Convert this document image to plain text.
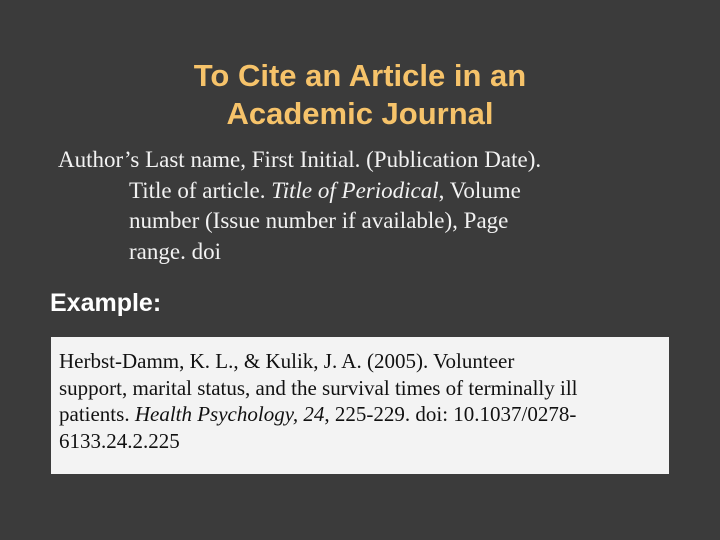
To Cite an Article in an
Academic Journal
Author’s Last name, First Initial. (Publication Date).
Title of article. Title of Periodical, Volume
number (Issue number if available), Page
range. doi
Example:
Herbst-Damm, K. L., & Kulik, J. A. (2005). Volunteer
support, marital status, and the survival times of terminally ill
patients. Health Psychology, 24, 225-229. doi: 10.1037/0278-
6133.24.2.225
